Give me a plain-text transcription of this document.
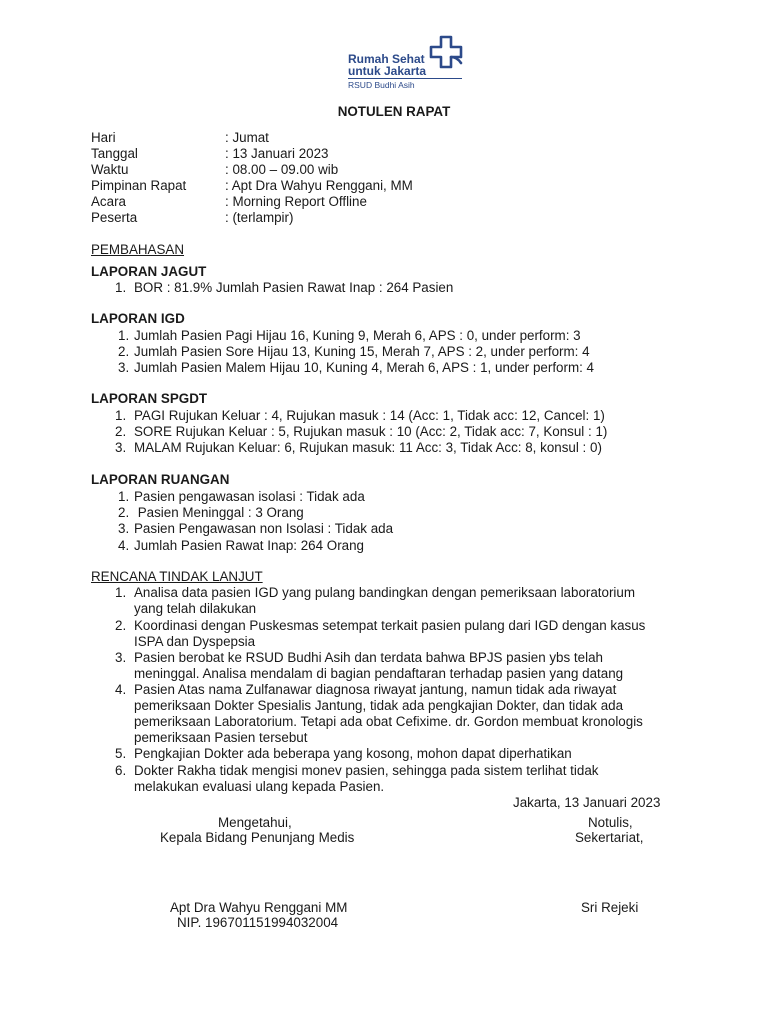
Rumah Sehat
untuk Jakarta
RSUD Budhi Asih
NOTULEN RAPAT
Hari	: Jumat
Tanggal	: 13 Januari 2023
Waktu	: 08.00 – 09.00 wib
Pimpinan Rapat	: Apt Dra Wahyu Renggani, MM
Acara	: Morning Report Offline
Peserta	: (terlampir)
PEMBAHASAN
LAPORAN JAGUT
1. BOR : 81.9% Jumlah Pasien Rawat Inap : 264 Pasien
LAPORAN IGD
1. Jumlah Pasien Pagi Hijau 16, Kuning 9, Merah 6, APS : 0, under perform: 3
2. Jumlah Pasien Sore Hijau 13, Kuning 15, Merah 7, APS : 2, under perform: 4
3. Jumlah Pasien Malem Hijau 10, Kuning 4, Merah 6, APS : 1, under perform: 4
LAPORAN SPGDT
1. PAGI Rujukan Keluar : 4, Rujukan masuk : 14 (Acc: 1, Tidak acc: 12, Cancel: 1)
2. SORE Rujukan Keluar : 5, Rujukan masuk : 10 (Acc: 2, Tidak acc: 7, Konsul : 1)
3. MALAM Rujukan Keluar: 6, Rujukan masuk: 11 Acc: 3, Tidak Acc: 8, konsul : 0)
LAPORAN RUANGAN
1. Pasien pengawasan isolasi : Tidak ada
2. Pasien Meninggal : 3 Orang
3. Pasien Pengawasan non Isolasi : Tidak ada
4. Jumlah Pasien Rawat Inap: 264 Orang
RENCANA TINDAK LANJUT
1. Analisa data pasien IGD yang pulang bandingkan dengan pemeriksaan laboratorium
yang telah dilakukan
2. Koordinasi dengan Puskesmas setempat terkait pasien pulang dari IGD dengan kasus
ISPA dan Dyspepsia
3. Pasien berobat ke RSUD Budhi Asih dan terdata bahwa BPJS pasien ybs telah
meninggal. Analisa mendalam di bagian pendaftaran terhadap pasien yang datang
4. Pasien Atas nama Zulfanawar diagnosa riwayat jantung, namun tidak ada riwayat
pemeriksaan Dokter Spesialis Jantung, tidak ada pengkajian Dokter, dan tidak ada
pemeriksaan Laboratorium. Tetapi ada obat Cefixime. dr. Gordon membuat kronologis
pemeriksaan Pasien tersebut
5. Pengkajian Dokter ada beberapa yang kosong, mohon dapat diperhatikan
6. Dokter Rakha tidak mengisi monev pasien, sehingga pada sistem terlihat tidak
melakukan evaluasi ulang kepada Pasien.
Jakarta, 13 Januari 2023
Mengetahui,
Kepala Bidang Penunjang Medis
Notulis,
Sekertariat,
Apt Dra Wahyu Renggani MM
NIP. 196701151994032004
Sri Rejeki
